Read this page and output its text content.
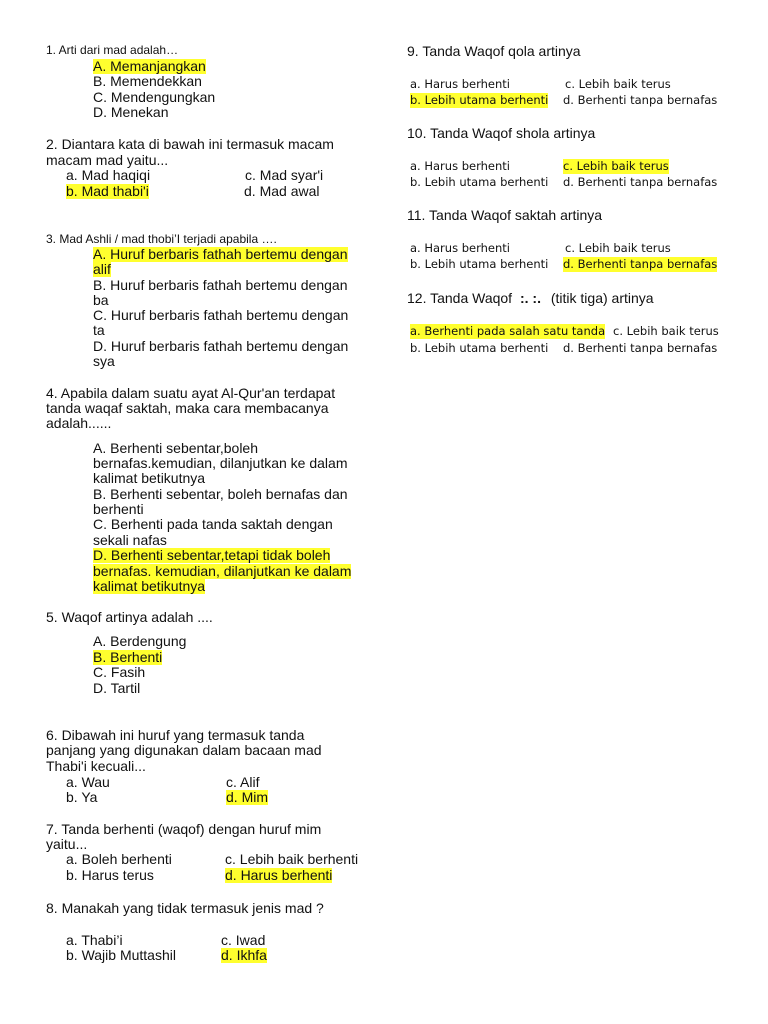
1. Arti dari mad adalah…
A. Memanjangkan
B. Memendekkan
C. Mendengungkan
D. Menekan
2. Diantara kata di bawah ini termasuk macam
macam mad yaitu...
a. Mad haqiqi	c. Mad syar'i
b. Mad thabi'i	d. Mad awal
3. Mad Ashli / mad thobi’I terjadi apabila ….
A. Huruf berbaris fathah bertemu dengan
alif
B. Huruf berbaris fathah bertemu dengan
ba
C. Huruf berbaris fathah bertemu dengan
ta
D. Huruf berbaris fathah bertemu dengan
sya
4. Apabila dalam suatu ayat Al-Qur'an terdapat
tanda waqaf saktah, maka cara membacanya
adalah......
A. Berhenti sebentar,boleh
bernafas.kemudian, dilanjutkan ke dalam
kalimat betikutnya
B. Berhenti sebentar, boleh bernafas dan
berhenti
C. Berhenti pada tanda saktah dengan
sekali nafas
D. Berhenti sebentar,tetapi tidak boleh
bernafas. kemudian, dilanjutkan ke dalam
kalimat betikutnya
5. Waqof artinya adalah ....
A. Berdengung
B. Berhenti
C. Fasih
D. Tartil
6. Dibawah ini huruf yang termasuk tanda
panjang yang digunakan dalam bacaan mad
Thabi'i kecuali...
a. Wau	c. Alif
b. Ya	d. Mim
7. Tanda berhenti (waqof) dengan huruf mim
yaitu...
a. Boleh berhenti	c. Lebih baik berhenti
b. Harus terus	d. Harus berhenti
8. Manakah yang tidak termasuk jenis mad ?
a. Thabi’i	c. Iwad
b. Wajib Muttashil	d. Ikhfa
9. Tanda Waqof qola artinya
a. Harus berhenti	c. Lebih baik terus
b. Lebih utama berhenti d. Berhenti tanpa bernafas
10. Tanda Waqof shola artinya
a. Harus berhenti	c. Lebih baik terus
b. Lebih utama berhenti d. Berhenti tanpa bernafas
11. Tanda Waqof saktah artinya
a. Harus berhenti	c. Lebih baik terus
b. Lebih utama berhenti d. Berhenti tanpa bernafas
12. Tanda Waqof :. :. (titik tiga) artinya
a. Berhenti pada salah satu tanda c. Lebih baik terus
b. Lebih utama berhenti d. Berhenti tanpa bernafas
